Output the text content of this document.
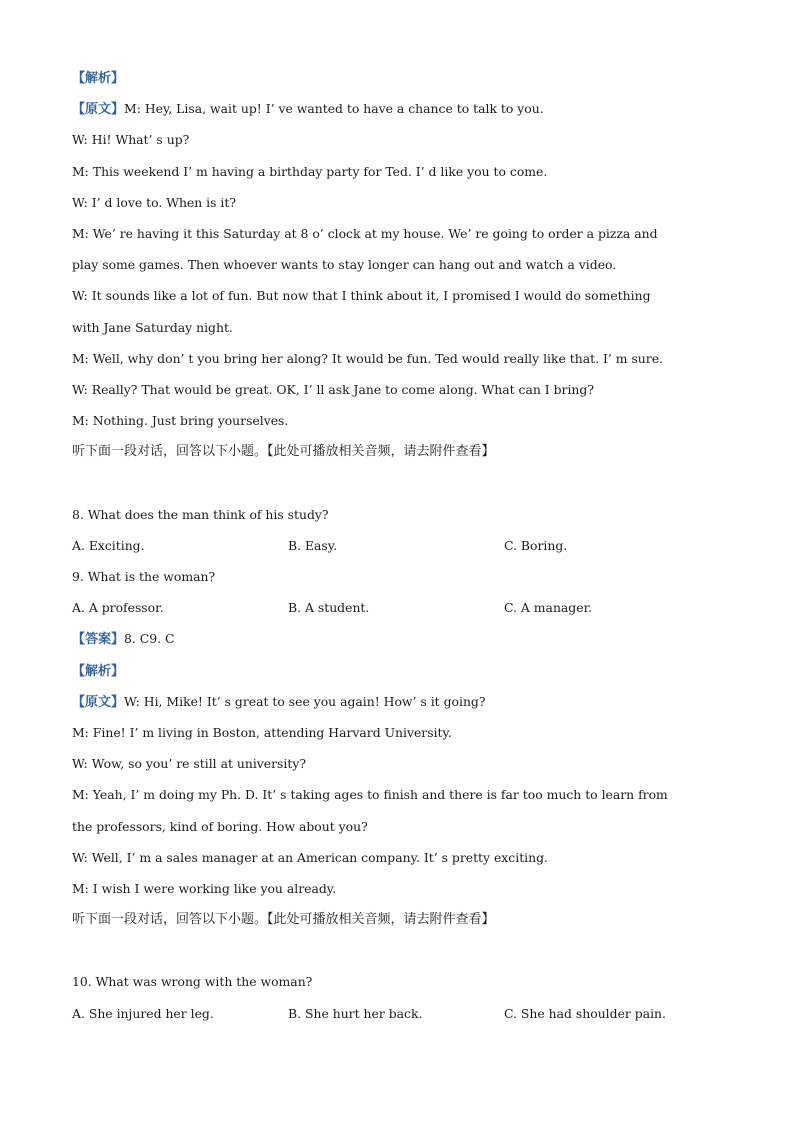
【解析】
【原文】M: Hey, Lisa, wait up! I’ ve wanted to have a chance to talk to you.
W: Hi! What’ s up?
M: This weekend I’ m having a birthday party for Ted. I’ d like you to come.
W: I’ d love to. When is it?
M: We’ re having it this Saturday at 8 o’ clock at my house. We’ re going to order a pizza and
play some games. Then whoever wants to stay longer can hang out and watch a video.
W: It sounds like a lot of fun. But now that I think about it, I promised I would do something
with Jane Saturday night.
M: Well, why don’ t you bring her along? It would be fun. Ted would really like that. I’ m sure.
W: Really? That would be great. OK, I’ ll ask Jane to come along. What can I bring?
M: Nothing. Just bring yourselves.
听下面一段对话，回答以下小题。【此处可播放相关音频，请去附件查看】
8. What does the man think of his study?
A. Exciting.	B. Easy.	C. Boring.
9. What is the woman?
A. A professor.	B. A student.	C. A manager.
【答案】8. C9. C
【解析】
【原文】W: Hi, Mike! It’ s great to see you again! How’ s it going?
M: Fine! I’ m living in Boston, attending Harvard University.
W: Wow, so you’ re still at university?
M: Yeah, I’ m doing my Ph. D. It’ s taking ages to finish and there is far too much to learn from
the professors, kind of boring. How about you?
W: Well, I’ m a sales manager at an American company. It’ s pretty exciting.
M: I wish I were working like you already.
听下面一段对话，回答以下小题。【此处可播放相关音频，请去附件查看】
10. What was wrong with the woman?
A. She injured her leg.	B. She hurt her back.	C. She had shoulder pain.
